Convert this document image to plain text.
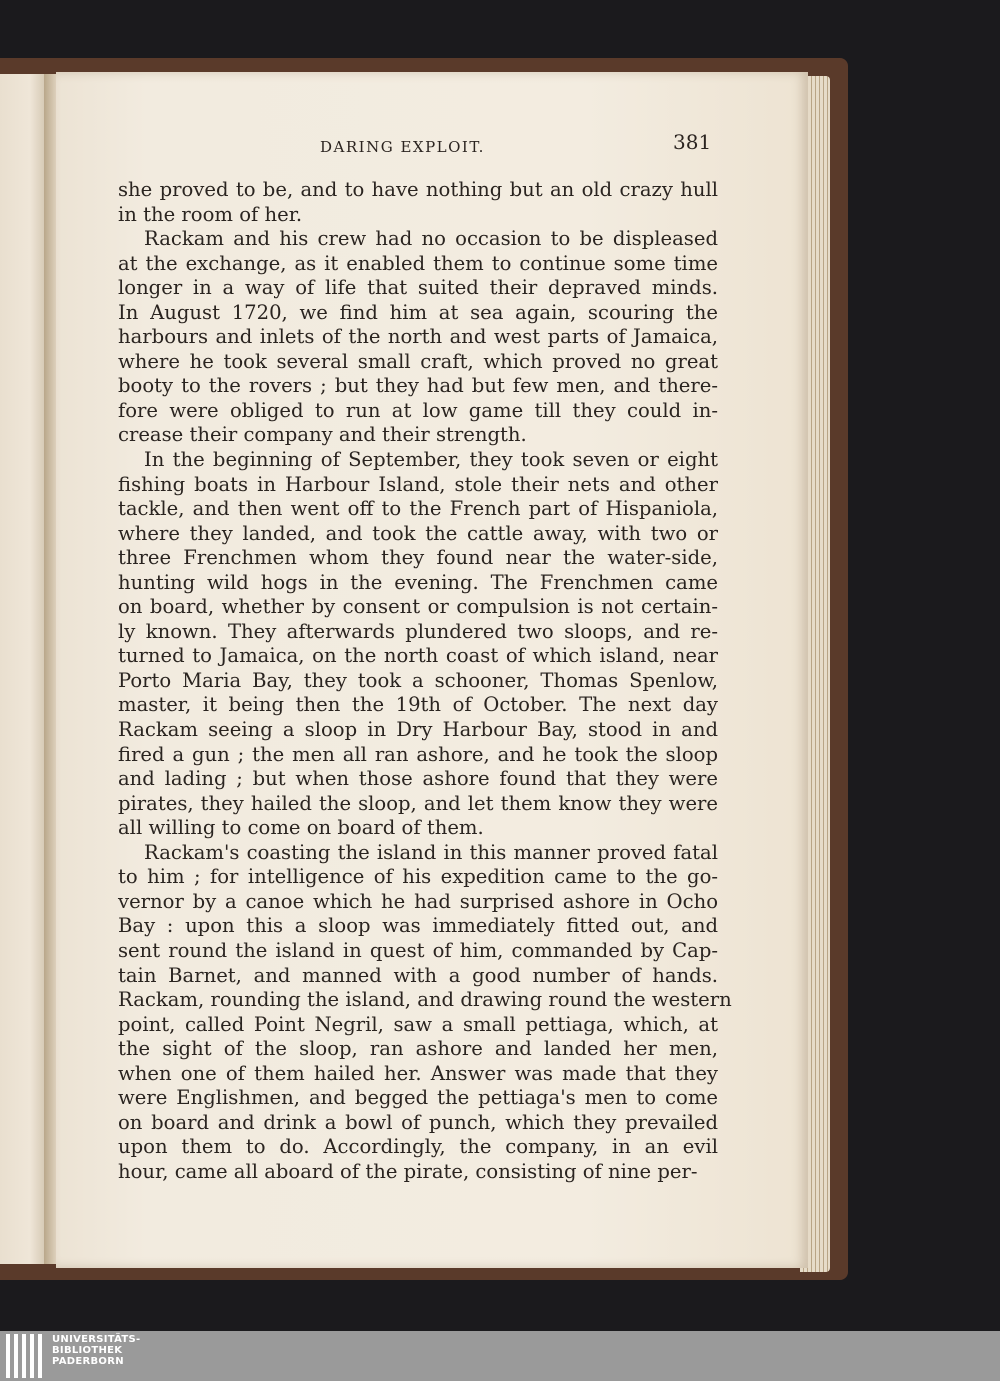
DARING EXPLOIT.	381
she proved to be, and to have nothing but an old crazy hull
in the room of her.
Rackam and his crew had no occasion to be displeased
at the exchange, as it enabled them to continue some time
longer in a way of life that suited their depraved minds.
In August 1720, we find him at sea again, scouring the
harbours and inlets of the north and west parts of Jamaica,
where he took several small craft, which proved no great
booty to the rovers ; but they had but few men, and there-
fore were obliged to run at low game till they could in-
crease their company and their strength.
In the beginning of September, they took seven or eight
fishing boats in Harbour Island, stole their nets and other
tackle, and then went off to the French part of Hispaniola,
where they landed, and took the cattle away, with two or
three Frenchmen whom they found near the water-side,
hunting wild hogs in the evening. The Frenchmen came
on board, whether by consent or compulsion is not certain-
ly known. They afterwards plundered two sloops, and re-
turned to Jamaica, on the north coast of which island, near
Porto Maria Bay, they took a schooner, Thomas Spenlow,
master, it being then the 19th of October. The next day
Rackam seeing a sloop in Dry Harbour Bay, stood in and
fired a gun ; the men all ran ashore, and he took the sloop
and lading ; but when those ashore found that they were
pirates, they hailed the sloop, and let them know they were
all willing to come on board of them.
Rackam's coasting the island in this manner proved fatal
to him ; for intelligence of his expedition came to the go-
vernor by a canoe which he had surprised ashore in Ocho
Bay : upon this a sloop was immediately fitted out, and
sent round the island in quest of him, commanded by Cap-
tain Barnet, and manned with a good number of hands.
Rackam, rounding the island, and drawing round the western
point, called Point Negril, saw a small pettiaga, which, at
the sight of the sloop, ran ashore and landed her men,
when one of them hailed her. Answer was made that they
were Englishmen, and begged the pettiaga's men to come
on board and drink a bowl of punch, which they prevailed
upon them to do. Accordingly, the company, in an evil
hour, came all aboard of the pirate, consisting of nine per-
UNIVERSITÄTS-
BIBLIOTHEK
PADERBORN
